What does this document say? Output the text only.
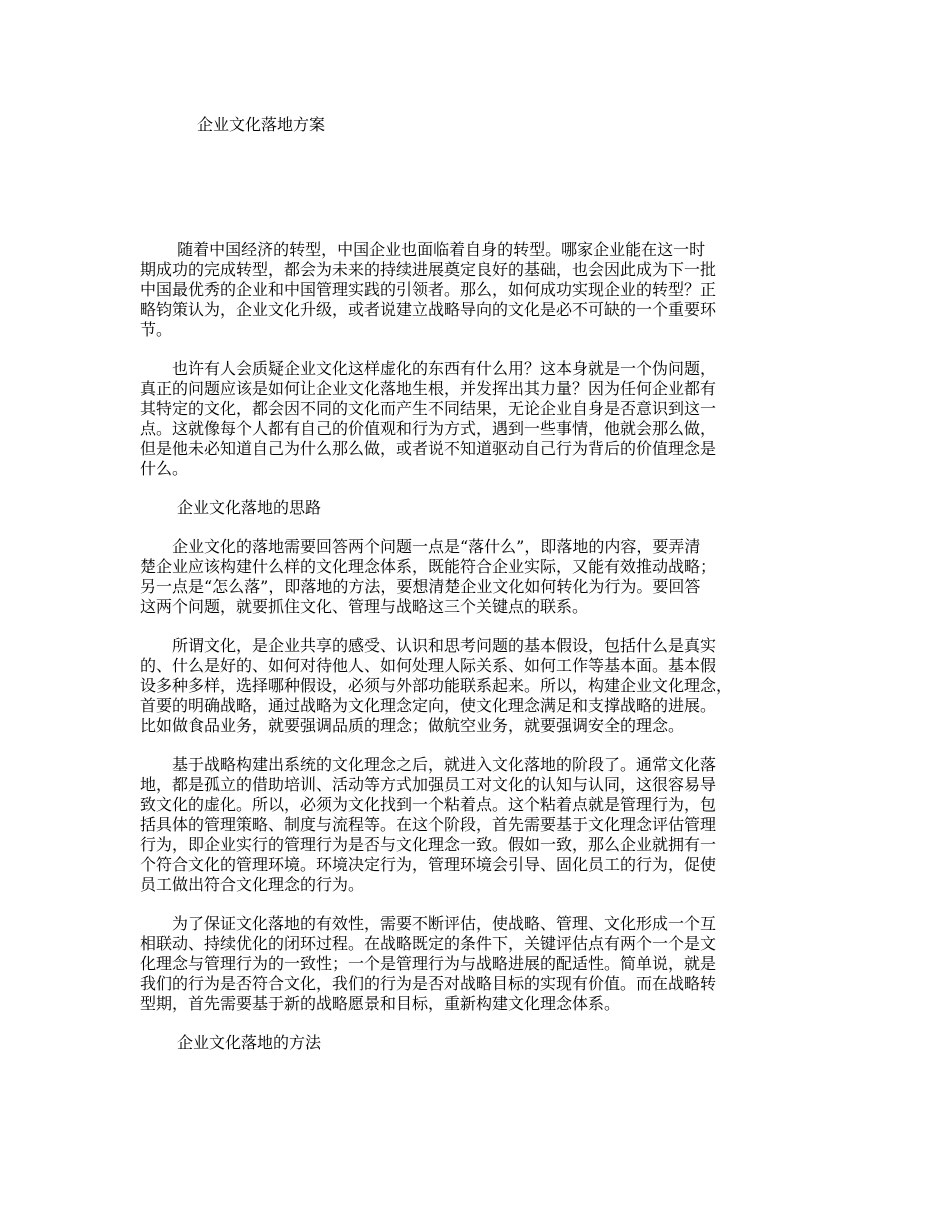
企业文化落地方案

　　 随着中国经济的转型，中国企业也面临着自身的转型。哪家企业能在这一时
期成功的完成转型，都会为未来的持续进展奠定良好的基础，也会因此成为下一批
中国最优秀的企业和中国管理实践的引领者。那么，如何成功实现企业的转型？正
略钧策认为，企业文化升级，或者说建立战略导向的文化是必不可缺的一个重要环
节。

　　也许有人会质疑企业文化这样虚化的东西有什么用？这本身就是一个伪问题，
真正的问题应该是如何让企业文化落地生根，并发挥出其力量？因为任何企业都有
其特定的文化，都会因不同的文化而产生不同结果，无论企业自身是否意识到这一
点。这就像每个人都有自己的价值观和行为方式，遇到一些事情，他就会那么做，
但是他未必知道自己为什么那么做，或者说不知道驱动自己行为背后的价值理念是
什么。

企业文化落地的思路

　　企业文化的落地需要回答两个问题一点是“落什么”，即落地的内容，要弄清
楚企业应该构建什么样的文化理念体系，既能符合企业实际，又能有效推动战略；
另一点是“怎么落”，即落地的方法，要想清楚企业文化如何转化为行为。要回答
这两个问题，就要抓住文化、管理与战略这三个关键点的联系。

　　所谓文化，是企业共享的感受、认识和思考问题的基本假设，包括什么是真实
的、什么是好的、如何对待他人、如何处理人际关系、如何工作等基本面。基本假
设多种多样，选择哪种假设，必须与外部功能联系起来。所以，构建企业文化理念，
首要的明确战略，通过战略为文化理念定向，使文化理念满足和支撑战略的进展。
比如做食品业务，就要强调品质的理念；做航空业务，就要强调安全的理念。

　　基于战略构建出系统的文化理念之后，就进入文化落地的阶段了。通常文化落
地，都是孤立的借助培训、活动等方式加强员工对文化的认知与认同，这很容易导
致文化的虚化。所以，必须为文化找到一个粘着点。这个粘着点就是管理行为，包
括具体的管理策略、制度与流程等。在这个阶段，首先需要基于文化理念评估管理
行为，即企业实行的管理行为是否与文化理念一致。假如一致，那么企业就拥有一
个符合文化的管理环境。环境决定行为，管理环境会引导、固化员工的行为，促使
员工做出符合文化理念的行为。

　　为了保证文化落地的有效性，需要不断评估，使战略、管理、文化形成一个互
相联动、持续优化的闭环过程。在战略既定的条件下，关键评估点有两个一个是文
化理念与管理行为的一致性；一个是管理行为与战略进展的配适性。简单说，就是
我们的行为是否符合文化，我们的行为是否对战略目标的实现有价值。而在战略转
型期，首先需要基于新的战略愿景和目标，重新构建文化理念体系。

企业文化落地的方法
